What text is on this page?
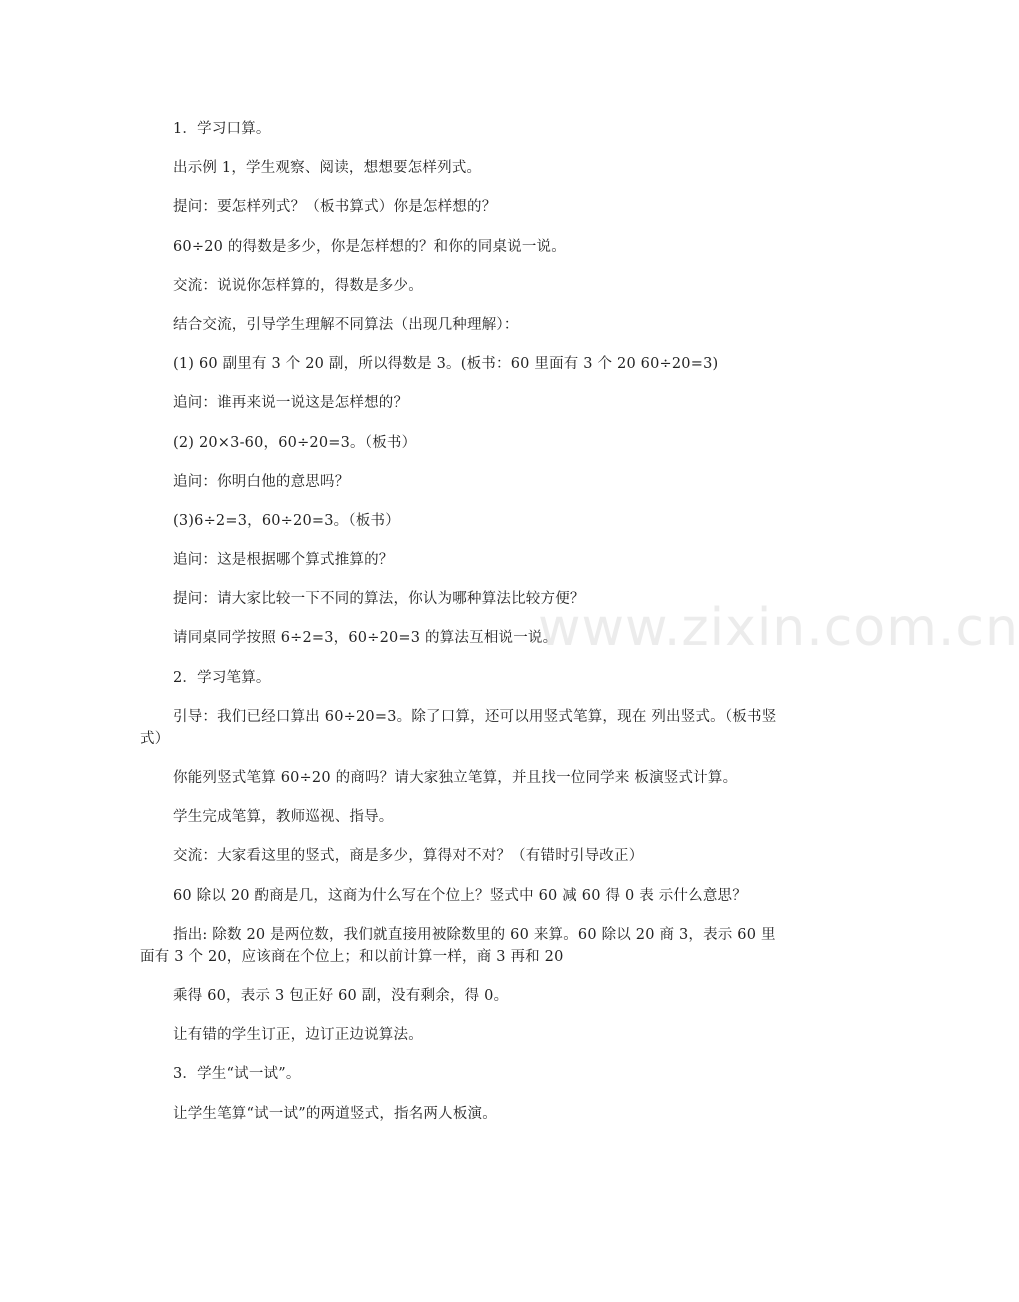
www.zixin.com.cn

1．学习口算。

出示例 1，学生观察、阅读，想想要怎样列式。

提问：要怎样列式？（板书算式）你是怎样想的？

60÷20 的得数是多少，你是怎样想的？和你的同桌说一说。

交流：说说你怎样算的，得数是多少。

结合交流，引导学生理解不同算法（出现几种理解）：

(1) 60 副里有 3 个 20 副，所以得数是 3。(板书：60 里面有 3 个 20 60÷20=3)

追问：谁再来说一说这是怎样想的？

(2) 20×3-60，60÷20=3。（板书）

追问：你明白他的意思吗？

(3)6÷2=3，60÷20=3。（板书）

追问：这是根据哪个算式推算的？

提问：请大家比较一下不同的算法，你认为哪种算法比较方便？

请同桌同学按照 6÷2=3，60÷20=3 的算法互相说一说。

2．学习笔算。

引导：我们已经口算出 60÷20=3。除了口算，还可以用竖式笔算，现在 列出竖式。（板书竖式）

你能列竖式笔算 60÷20 的商吗？请大家独立笔算，并且找一位同学来 板演竖式计算。

学生完成笔算，教师巡视、指导。

交流：大家看这里的竖式，商是多少，算得对不对？（有错时引导改正）

60 除以 20 酌商是几，这商为什么写在个位上？竖式中 60 减 60 得 0 表 示什么意思？

指出: 除数 20 是两位数，我们就直接用被除数里的 60 来算。60 除以 20 商 3，表示 60 里面有 3 个 20，应该商在个位上；和以前计算一样，商 3 再和 20

乘得 60，表示 3 包正好 60 副，没有剩余，得 0。

让有错的学生订正，边订正边说算法。

3．学生“试一试”。

让学生笔算“试一试”的两道竖式，指名两人板演。
